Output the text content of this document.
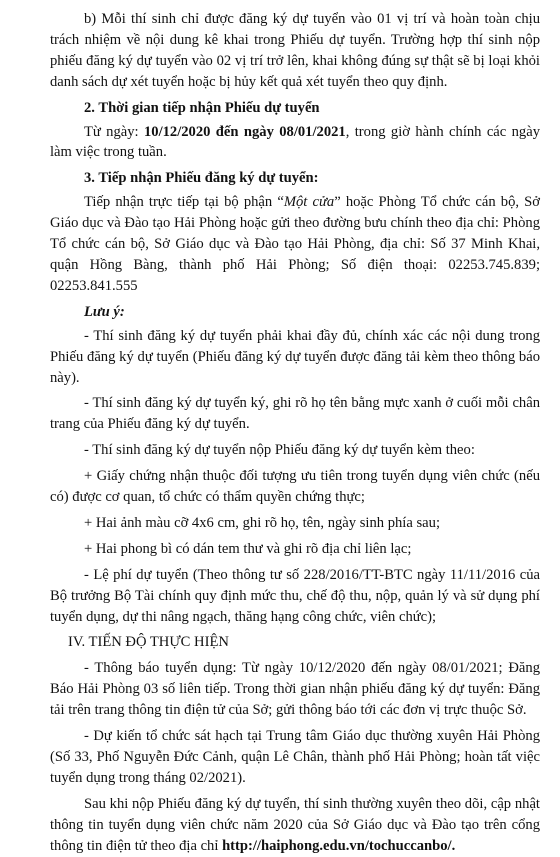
b) Mỗi thí sinh chỉ được đăng ký dự tuyển vào 01 vị trí và hoàn toàn chịu trách nhiệm về nội dung kê khai trong Phiếu dự tuyển. Trường hợp thí sinh nộp phiếu đăng ký dự tuyển vào 02 vị trí trở lên, khai không đúng sự thật sẽ bị loại khỏi danh sách dự xét tuyển hoặc bị hủy kết quả xét tuyển theo quy định.

2. Thời gian tiếp nhận Phiếu dự tuyển

Từ ngày: 10/12/2020 đến ngày 08/01/2021, trong giờ hành chính các ngày làm việc trong tuần.

3. Tiếp nhận Phiếu đăng ký dự tuyển:

Tiếp nhận trực tiếp tại bộ phận “Một cửa” hoặc Phòng Tổ chức cán bộ, Sở Giáo dục và Đào tạo Hải Phòng hoặc gửi theo đường bưu chính theo địa chỉ: Phòng Tổ chức cán bộ, Sở Giáo dục và Đào tạo Hải Phòng, địa chỉ: Số 37 Minh Khai, quận Hồng Bàng, thành phố Hải Phòng; Số điện thoại: 02253.745.839; 02253.841.555

Lưu ý:

- Thí sinh đăng ký dự tuyển phải khai đầy đủ, chính xác các nội dung trong Phiếu đăng ký dự tuyển (Phiếu đăng ký dự tuyển được đăng tải kèm theo thông báo này).

- Thí sinh đăng ký dự tuyển ký, ghi rõ họ tên bằng mực xanh ở cuối mỗi chân trang của Phiếu đăng ký dự tuyển.

- Thí sinh đăng ký dự tuyển nộp Phiếu đăng ký dự tuyển kèm theo:

+ Giấy chứng nhận thuộc đối tượng ưu tiên trong tuyển dụng viên chức (nếu có) được cơ quan, tổ chức có thẩm quyền chứng thực;

+ Hai ảnh màu cỡ 4x6 cm, ghi rõ họ, tên, ngày sinh phía sau;

+ Hai phong bì có dán tem thư và ghi rõ địa chỉ liên lạc;

- Lệ phí dự tuyển (Theo thông tư số 228/2016/TT-BTC ngày 11/11/2016 của Bộ trưởng Bộ Tài chính quy định mức thu, chế độ thu, nộp, quản lý và sử dụng phí tuyển dụng, dự thi nâng ngạch, thăng hạng công chức, viên chức);

IV. TIẾN ĐỘ THỰC HIỆN

- Thông báo tuyển dụng: Từ ngày 10/12/2020 đến ngày 08/01/2021; Đăng Báo Hải Phòng 03 số liên tiếp. Trong thời gian nhận phiếu đăng ký dự tuyển: Đăng tải trên trang thông tin điện tử của Sở; gửi thông báo tới các đơn vị trực thuộc Sở.

- Dự kiến tổ chức sát hạch tại Trung tâm Giáo dục thường xuyên Hải Phòng (Số 33, Phố Nguyễn Đức Cảnh, quận Lê Chân, thành phố Hải Phòng; hoàn tất việc tuyển dụng trong tháng 02/2021).

Sau khi nộp Phiếu đăng ký dự tuyển, thí sinh thường xuyên theo dõi, cập nhật thông tin tuyển dụng viên chức năm 2020 của Sở Giáo dục và Đào tạo trên cổng thông tin điện tử theo địa chỉ http://haiphong.edu.vn/tochuccanbo/.
